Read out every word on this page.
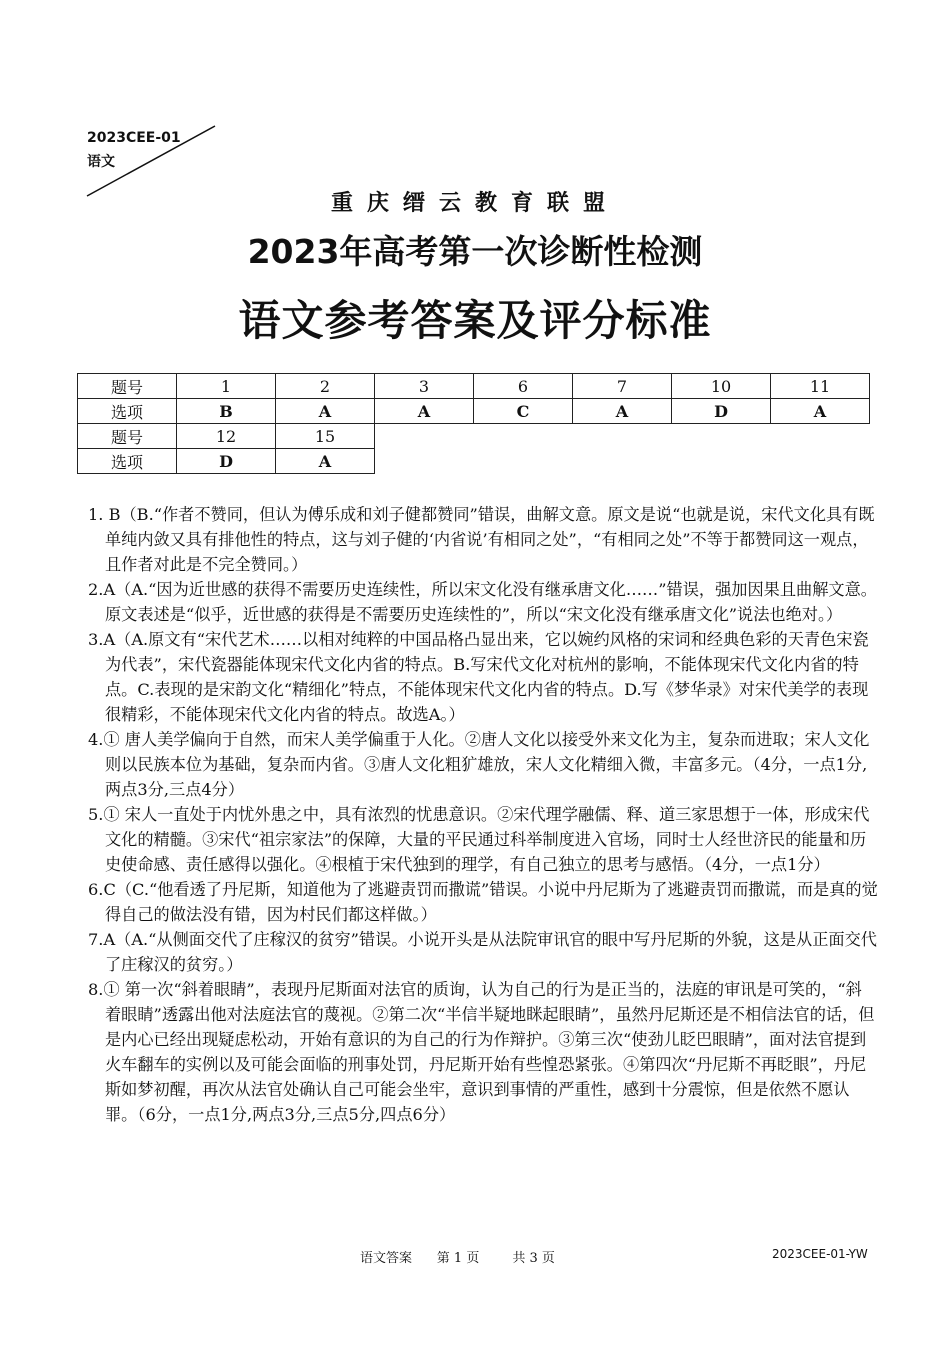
2023CEE-01
语文
重庆缙云教育联盟
2023年高考第一次诊断性检测
语文参考答案及评分标准
题号	1	2	3	6	7	10	11
选项	B	A	A	C	A	D	A
题号	12	15					
选项	D	A					
1. B（B.“作者不赞同，但认为傅乐成和刘子健都赞同”错误，曲解文意。原文是说“也就是说，宋代文化具有既单纯内敛又具有排他性的特点，这与刘子健的‘内省说’有相同之处”，“有相同之处”不等于都赞同这一观点，且作者对此是不完全赞同。）
2.A（A.“因为近世感的获得不需要历史连续性，所以宋文化没有继承唐文化……”错误，强加因果且曲解文意。原文表述是“似乎，近世感的获得是不需要历史连续性的”，所以“宋文化没有继承唐文化”说法也绝对。）
3.A（A.原文有“宋代艺术……以相对纯粹的中国品格凸显出来，它以婉约风格的宋词和经典色彩的天青色宋瓷为代表”，宋代瓷器能体现宋代文化内省的特点。B.写宋代文化对杭州的影响，不能体现宋代文化内省的特点。C.表现的是宋韵文化“精细化”特点，不能体现宋代文化内省的特点。D.写《梦华录》对宋代美学的表现很精彩，不能体现宋代文化内省的特点。故选A。）
4.① 唐人美学偏向于自然，而宋人美学偏重于人化。②唐人文化以接受外来文化为主，复杂而进取；宋人文化则以民族本位为基础，复杂而内省。③唐人文化粗犷雄放，宋人文化精细入微，丰富多元。（4分，一点1分,两点3分,三点4分）
5.① 宋人一直处于内忧外患之中，具有浓烈的忧患意识。②宋代理学融儒、释、道三家思想于一体，形成宋代文化的精髓。③宋代“祖宗家法”的保障，大量的平民通过科举制度进入官场，同时士人经世济民的能量和历史使命感、责任感得以强化。④根植于宋代独到的理学，有自己独立的思考与感悟。（4分，一点1分）
6.C（C.“他看透了丹尼斯，知道他为了逃避责罚而撒谎”错误。小说中丹尼斯为了逃避责罚而撒谎，而是真的觉得自己的做法没有错，因为村民们都这样做。）
7.A（A.“从侧面交代了庄稼汉的贫穷”错误。小说开头是从法院审讯官的眼中写丹尼斯的外貌，这是从正面交代了庄稼汉的贫穷。）
8.① 第一次“斜着眼睛”，表现丹尼斯面对法官的质询，认为自己的行为是正当的，法庭的审讯是可笑的，“斜着眼睛”透露出他对法庭法官的蔑视。②第二次“半信半疑地眯起眼睛”，虽然丹尼斯还是不相信法官的话，但是内心已经出现疑虑松动，开始有意识的为自己的行为作辩护。③第三次“使劲儿眨巴眼睛”，面对法官提到火车翻车的实例以及可能会面临的刑事处罚，丹尼斯开始有些惶恐紧张。④第四次“丹尼斯不再眨眼”，丹尼斯如梦初醒，再次从法官处确认自己可能会坐牢，意识到事情的严重性，感到十分震惊，但是依然不愿认罪。（6分，一点1分,两点3分,三点5分,四点6分）
语文答案      第 1 页        共 3 页	2023CEE-01-YW
